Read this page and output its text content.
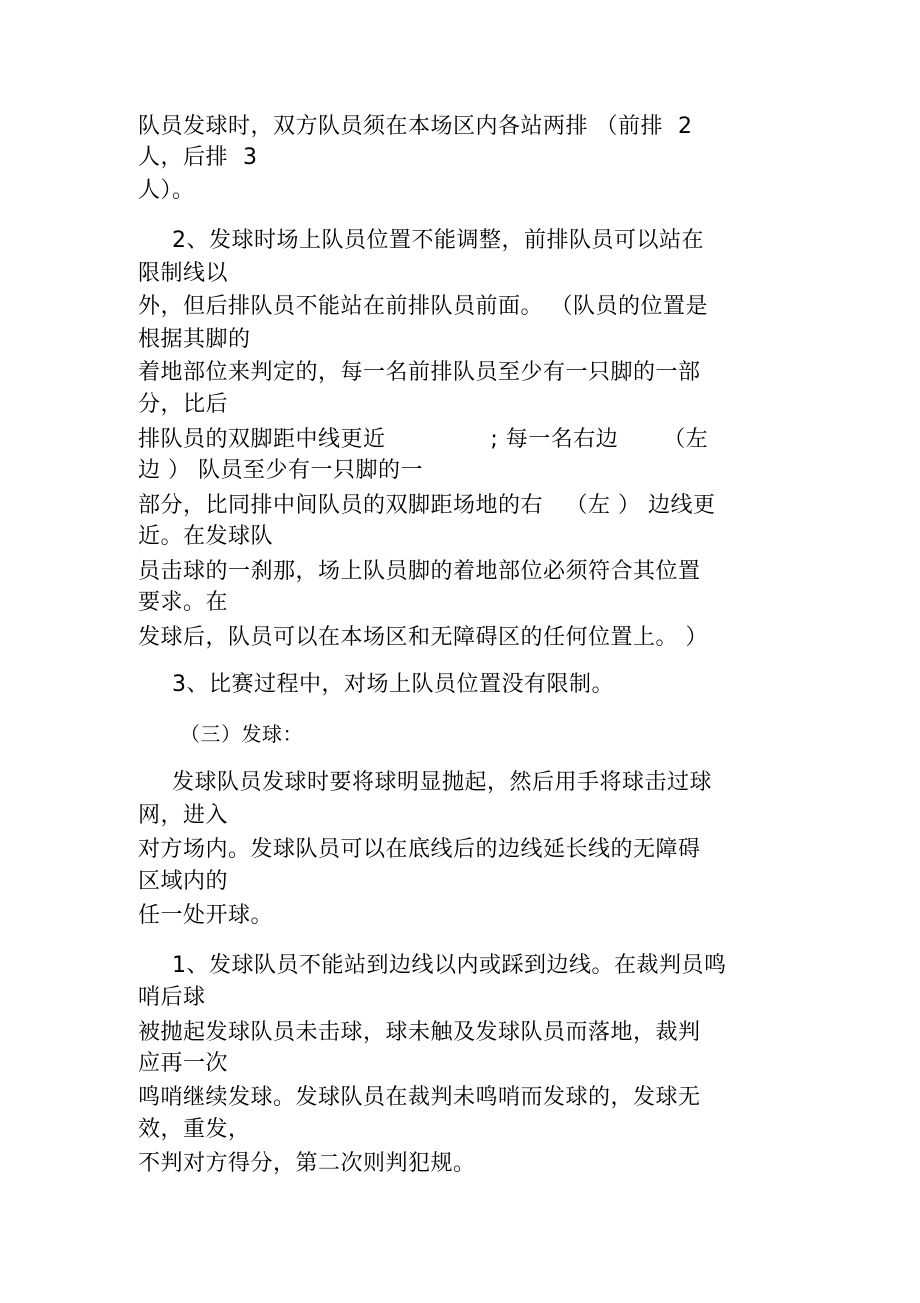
队员发球时，双方队员须在本场区内各站两排 （前排  2

人，后排  3

人）。

2、发球时场上队员位置不能调整，前排队员可以站在

限制线以

外，但后排队员不能站在前排队员前面。 （队员的位置是

根据其脚的

着地部位来判定的，每一名前排队员至少有一只脚的一部

分，比后

排队员的双脚距中线更近              ; 每一名右边      （左

边 ） 队员至少有一只脚的一

部分，比同排中间队员的双脚距场地的右   （左 ） 边线更

近。在发球队

员击球的一刹那，场上队员脚的着地部位必须符合其位置

要求。在

发球后，队员可以在本场区和无障碍区的任何位置上。 ）

3、比赛过程中，对场上队员位置没有限制。

（三）发球：

发球队员发球时要将球明显抛起，然后用手将球击过球

网，进入

对方场内。发球队员可以在底线后的边线延长线的无障碍

区域内的

任一处开球。

1、发球队员不能站到边线以内或踩到边线。在裁判员鸣

哨后球

被抛起发球队员未击球，球未触及发球队员而落地，裁判

应再一次

鸣哨继续发球。发球队员在裁判未鸣哨而发球的，发球无

效，重发，

不判对方得分，第二次则判犯规。
